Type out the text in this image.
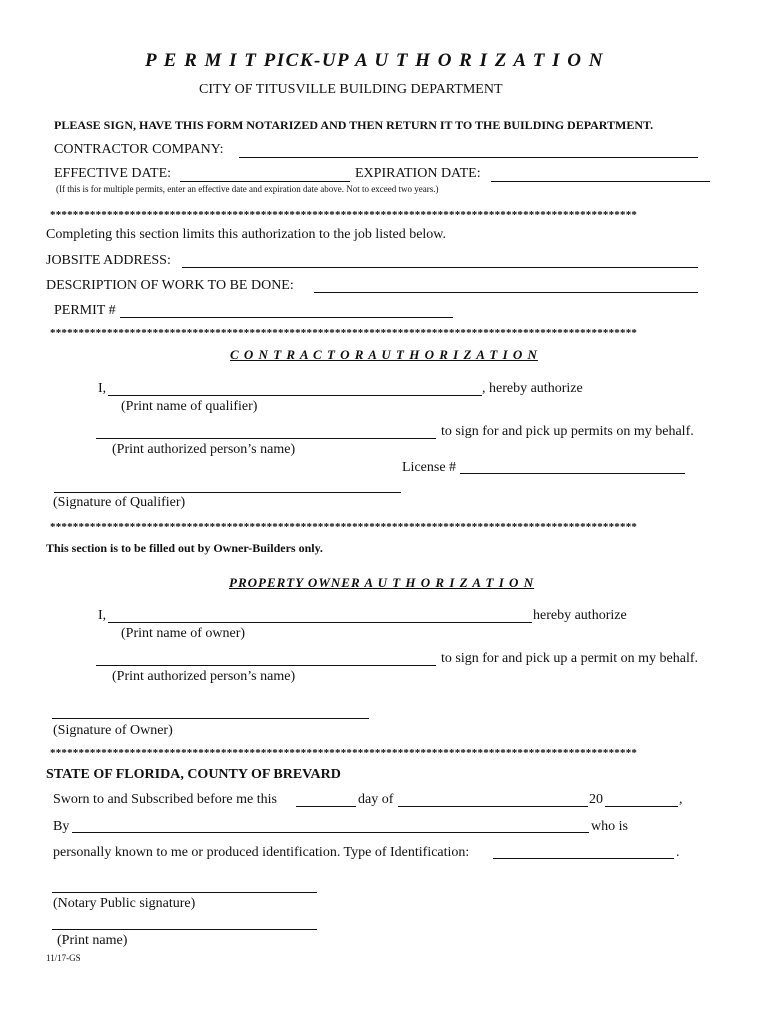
P E R M I T PICK-UP A U T H O R I Z A T I O N
CITY OF TITUSVILLE BUILDING DEPARTMENT
PLEASE SIGN, HAVE THIS FORM NOTARIZED AND THEN RETURN IT TO THE BUILDING DEPARTMENT.
CONTRACTOR COMPANY:
EFFECTIVE DATE:	EXPIRATION DATE:
(If this is for multiple permits, enter an effective date and expiration date above. Not to exceed two years.)
*******************************************************************************************************
Completing this section limits this authorization to the job listed below.
JOBSITE ADDRESS:
DESCRIPTION OF WORK TO BE DONE:
PERMIT #
*******************************************************************************************************
C O N T R A C T O R A U T H O R I Z A T I O N
I,	, hereby authorize
(Print name of qualifier)
to sign for and pick up permits on my behalf.
(Print authorized person’s name)
License #
(Signature of Qualifier)
*******************************************************************************************************
This section is to be filled out by Owner-Builders only.
PROPERTY OWNER A U T H O R I Z A T I O N
I,	hereby authorize
(Print name of owner)
to sign for and pick up a permit on my behalf.
(Print authorized person’s name)
(Signature of Owner)
*******************************************************************************************************
STATE OF FLORIDA, COUNTY OF BREVARD
Sworn to and Subscribed before me this	day of	20	,
By	who is
personally known to me or produced identification. Type of Identification:	.
(Notary Public signature)
(Print name)
11/17-GS
